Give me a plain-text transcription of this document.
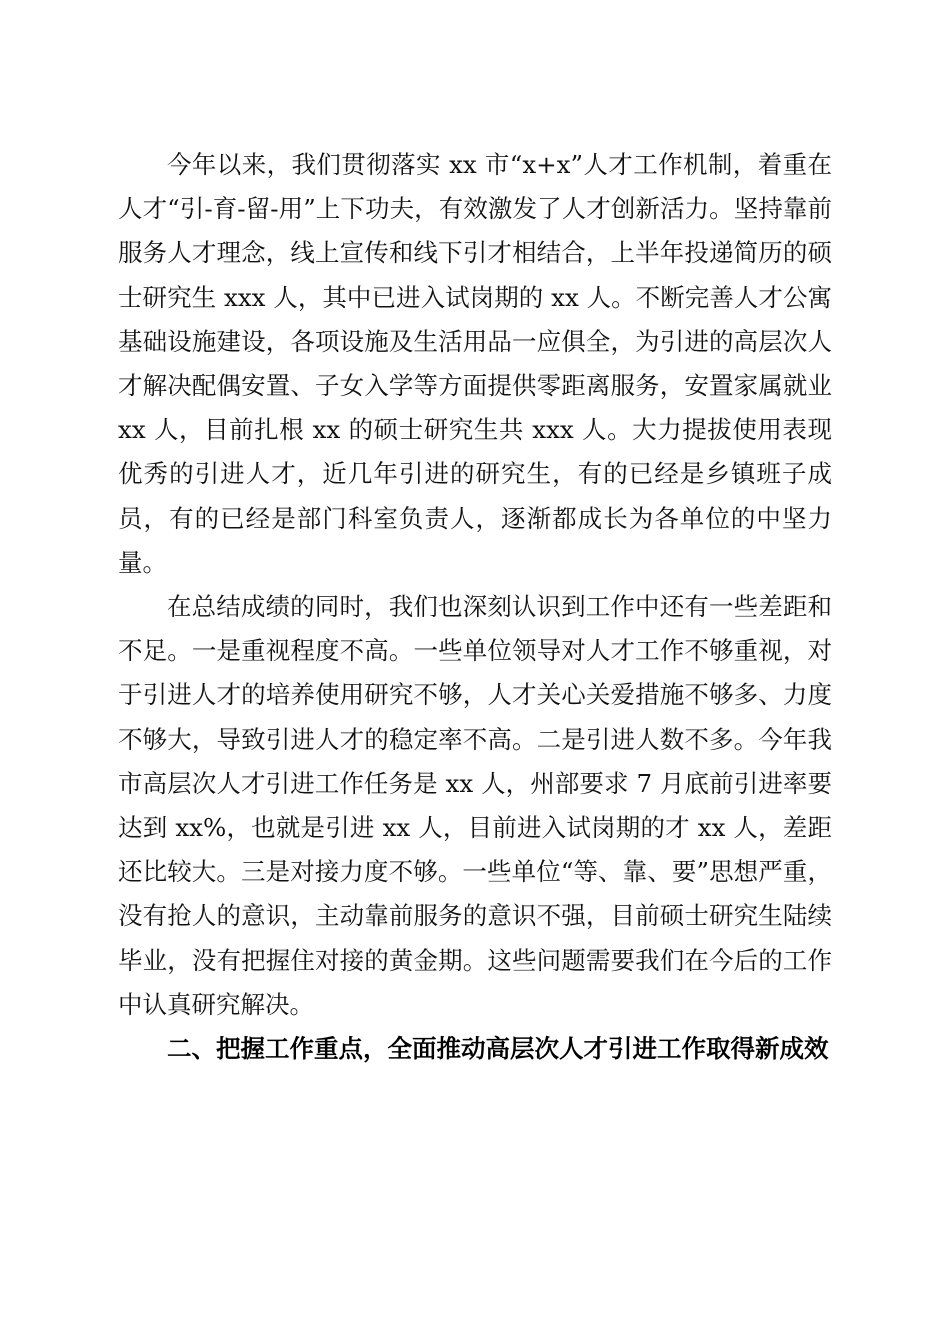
今年以来，我们贯彻落实 xx 市“x+x”人才工作机制，着重在人才“引-育-留-用”上下功夫，有效激发了人才创新活力。坚持靠前服务人才理念，线上宣传和线下引才相结合，上半年投递简历的硕士研究生 xxx 人，其中已进入试岗期的 xx 人。不断完善人才公寓基础设施建设，各项设施及生活用品一应俱全，为引进的高层次人才解决配偶安置、子女入学等方面提供零距离服务，安置家属就业 xx 人，目前扎根 xx 的硕士研究生共 xxx 人。大力提拔使用表现优秀的引进人才，近几年引进的研究生，有的已经是乡镇班子成员，有的已经是部门科室负责人，逐渐都成长为各单位的中坚力量。

在总结成绩的同时，我们也深刻认识到工作中还有一些差距和不足。一是重视程度不高。一些单位领导对人才工作不够重视，对于引进人才的培养使用研究不够，人才关心关爱措施不够多、力度不够大，导致引进人才的稳定率不高。二是引进人数不多。今年我市高层次人才引进工作任务是 xx 人，州部要求 7 月底前引进率要达到 xx%，也就是引进 xx 人，目前进入试岗期的才 xx 人，差距还比较大。三是对接力度不够。一些单位“等、靠、要”思想严重，没有抢人的意识，主动靠前服务的意识不强，目前硕士研究生陆续毕业，没有把握住对接的黄金期。这些问题需要我们在今后的工作中认真研究解决。

二、把握工作重点，全面推动高层次人才引进工作取得新成效
